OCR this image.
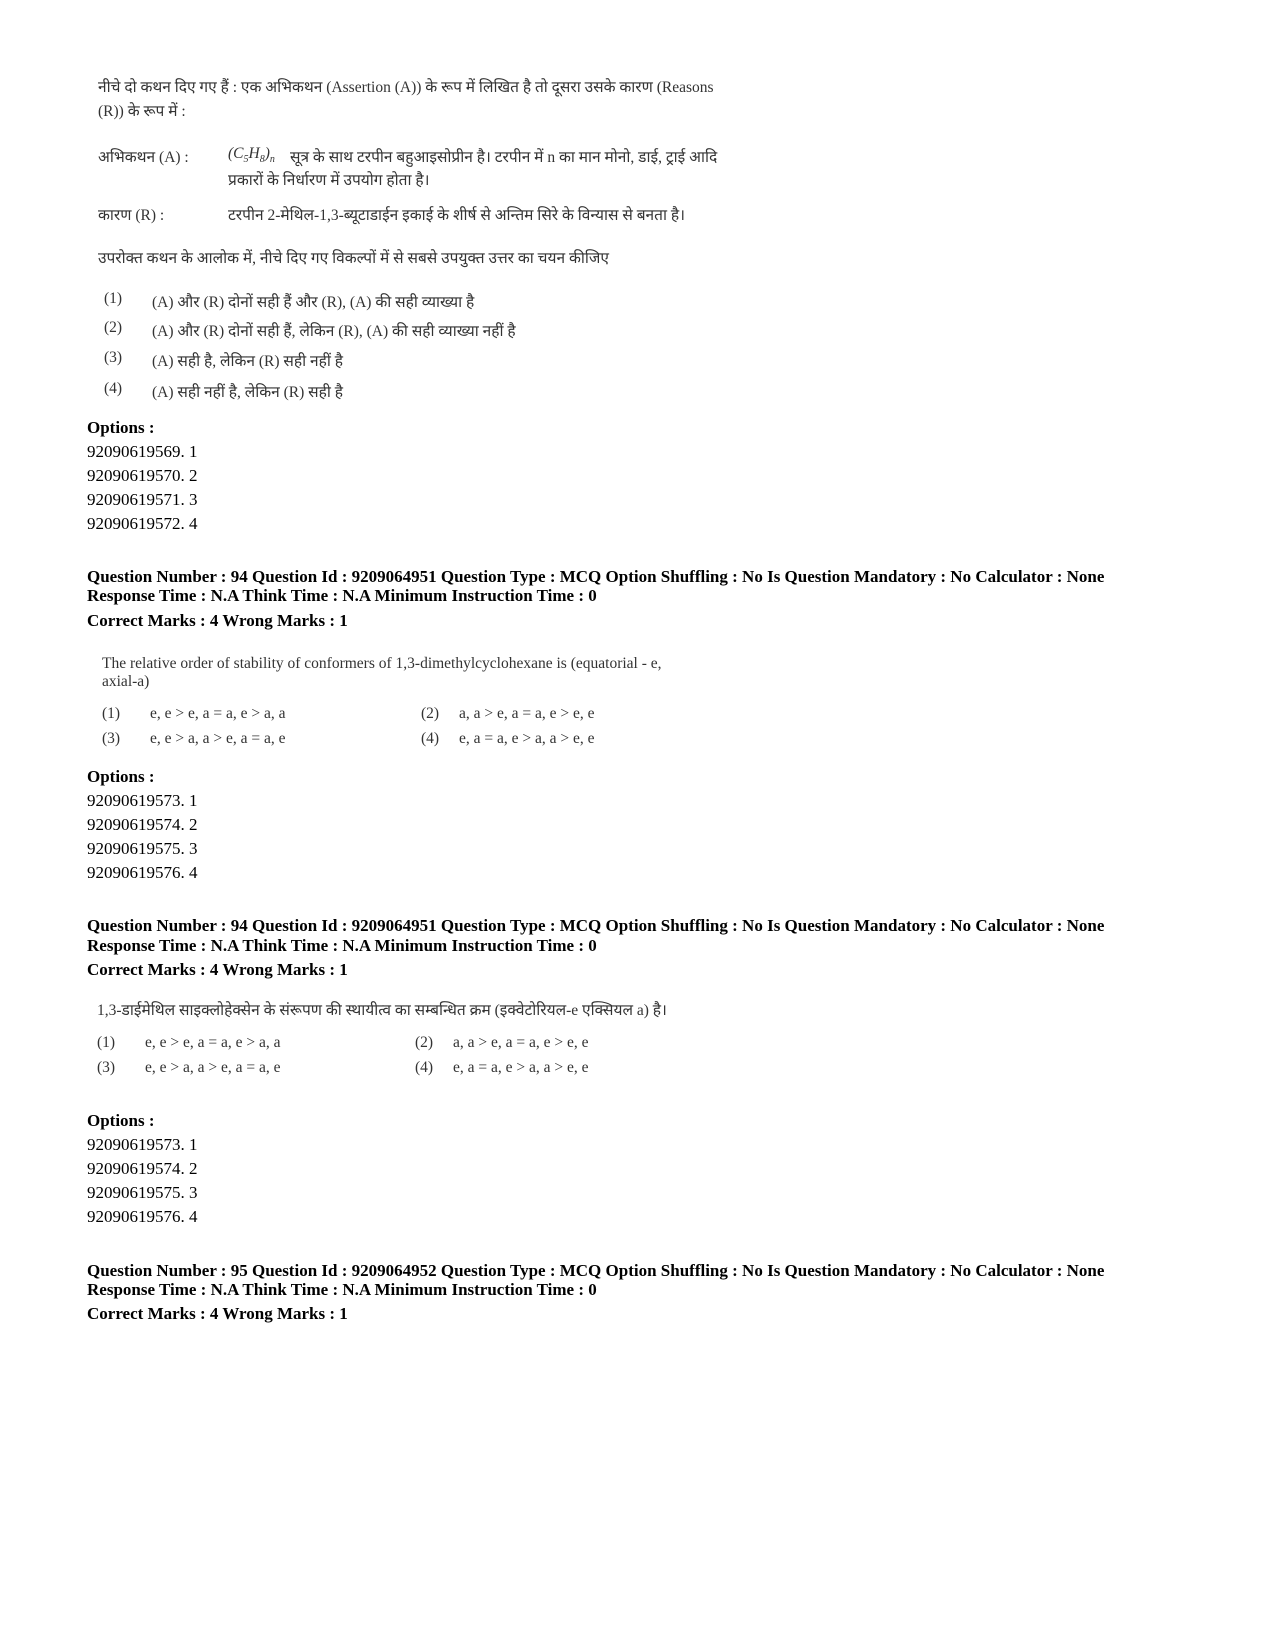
नीचे दो कथन दिए गए हैं : एक अभिकथन (Assertion (A)) के रूप में लिखित है तो दूसरा उसके कारण (Reasons
(R)) के रूप में :
अभिकथन (A) :	$(C_5H_8)_n$ सूत्र के साथ टरपीन बहुआइसोप्रीन है। टरपीन में n का मान मोनो, डाई, ट्राई आदि
प्रकारों के निर्धारण में उपयोग होता है।
कारण (R) :	टरपीन 2-मेथिल-1,3-ब्यूटाडाईन इकाई के शीर्ष से अन्तिम सिरे के विन्यास से बनता है।
उपरोक्त कथन के आलोक में, नीचे दिए गए विकल्पों में से सबसे उपयुक्त उत्तर का चयन कीजिए
(1) (A) और (R) दोनों सही हैं और (R), (A) की सही व्याख्या है
(2) (A) और (R) दोनों सही हैं, लेकिन (R), (A) की सही व्याख्या नहीं है
(3) (A) सही है, लेकिन (R) सही नहीं है
(4) (A) सही नहीं है, लेकिन (R) सही है
Options :
92090619569. 1
92090619570. 2
92090619571. 3
92090619572. 4
Question Number : 94 Question Id : 9209064951 Question Type : MCQ Option Shuffling : No Is Question Mandatory : No Calculator : None
Response Time : N.A Think Time : N.A Minimum Instruction Time : 0
Correct Marks : 4 Wrong Marks : 1
The relative order of stability of conformers of 1,3-dimethylcyclohexane is (equatorial - e,
axial-a)
(1) e, e > e, a = a, e > a, a	(2) a, a > e, a = a, e > e, e
(3) e, e > a, a > e, a = a, e	(4) e, a = a, e > a, a > e, e
Options :
92090619573. 1
92090619574. 2
92090619575. 3
92090619576. 4
Question Number : 94 Question Id : 9209064951 Question Type : MCQ Option Shuffling : No Is Question Mandatory : No Calculator : None
Response Time : N.A Think Time : N.A Minimum Instruction Time : 0
Correct Marks : 4 Wrong Marks : 1
1,3-डाईमेथिल साइक्लोहेक्सेन के संरूपण की स्थायीत्व का सम्बन्धित क्रम (इक्वेटोरियल-e एक्सियल a) है।
(1) e, e > e, a = a, e > a, a	(2) a, a > e, a = a, e > e, e
(3) e, e > a, a > e, a = a, e	(4) e, a = a, e > a, a > e, e
Options :
92090619573. 1
92090619574. 2
92090619575. 3
92090619576. 4
Question Number : 95 Question Id : 9209064952 Question Type : MCQ Option Shuffling : No Is Question Mandatory : No Calculator : None
Response Time : N.A Think Time : N.A Minimum Instruction Time : 0
Correct Marks : 4 Wrong Marks : 1
